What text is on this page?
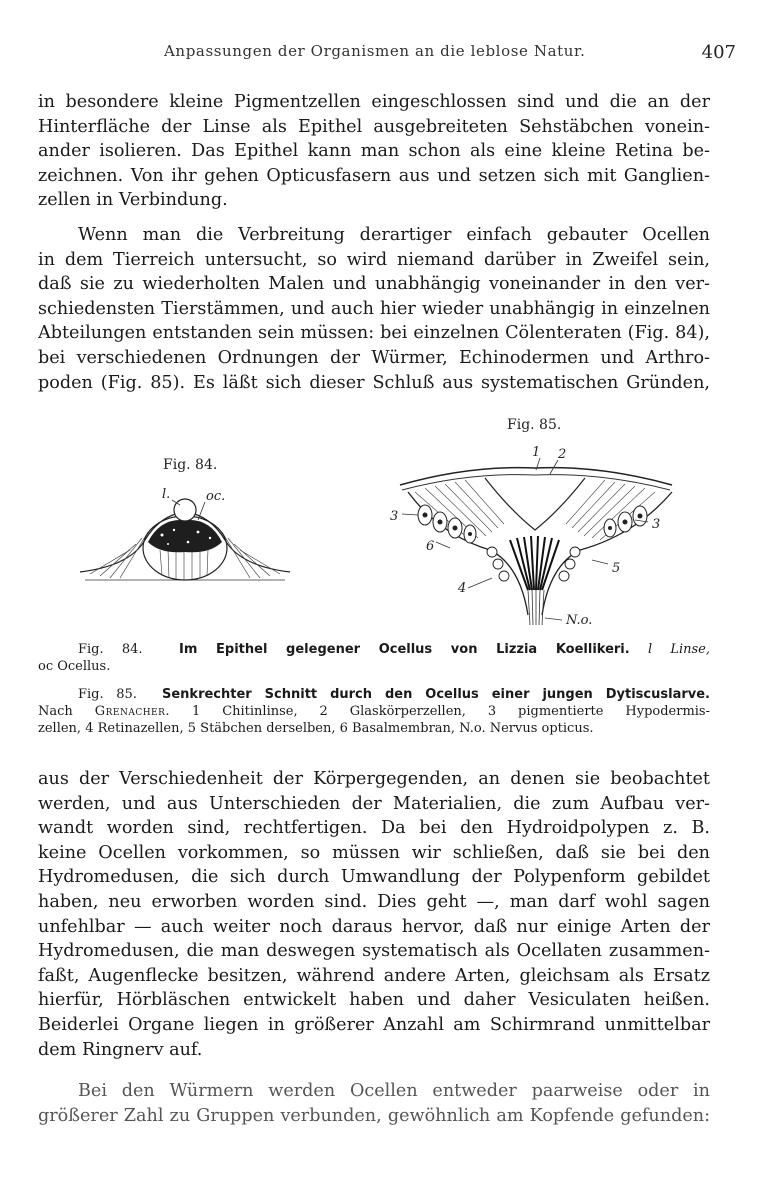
Anpassungen der Organismen an die leblose Natur.	407
in besondere kleine Pigmentzellen eingeschlossen sind und die an der
Hinterfläche der Linse als Epithel ausgebreiteten Sehstäbchen vonein-
ander isolieren. Das Epithel kann man schon als eine kleine Retina be-
zeichnen. Von ihr gehen Opticusfasern aus und setzen sich mit Ganglien-
zellen in Verbindung.
Wenn man die Verbreitung derartiger einfach gebauter Ocellen
in dem Tierreich untersucht, so wird niemand darüber in Zweifel sein,
daß sie zu wiederholten Malen und unabhängig voneinander in den ver-
schiedensten Tierstämmen, und auch hier wieder unabhängig in einzelnen
Abteilungen entstanden sein müssen: bei einzelnen Cölenteraten (Fig. 84),
bei verschiedenen Ordnungen der Würmer, Echinodermen und Arthro-
poden (Fig. 85). Es läßt sich dieser Schluß aus systematischen Gründen,
Fig. 84.
l.	oc.
Fig. 85.
1 2
3
3
6
5
4
N.o.
Fig. 84.	Im Epithel gelegener Ocellus von Lizzia Koellikeri. l Linse,
oc Ocellus.
Fig. 85. Senkrechter Schnitt durch den Ocellus einer jungen Dytiscuslarve.
Nach Grenacher. 1 Chitinlinse, 2 Glaskörperzellen, 3 pigmentierte Hypodermis-
zellen, 4 Retinazellen, 5 Stäbchen derselben, 6 Basalmembran, N.o. Nervus opticus.
aus der Verschiedenheit der Körpergegenden, an denen sie beobachtet
werden, und aus Unterschieden der Materialien, die zum Aufbau ver-
wandt worden sind, rechtfertigen. Da bei den Hydroidpolypen z. B.
keine Ocellen vorkommen, so müssen wir schließen, daß sie bei den
Hydromedusen, die sich durch Umwandlung der Polypenform gebildet
haben, neu erworben worden sind. Dies geht —, man darf wohl sagen
unfehlbar — auch weiter noch daraus hervor, daß nur einige Arten der
Hydromedusen, die man deswegen systematisch als Ocellaten zusammen-
faßt, Augenflecke besitzen, während andere Arten, gleichsam als Ersatz
hierfür, Hörbläschen entwickelt haben und daher Vesiculaten heißen.
Beiderlei Organe liegen in größerer Anzahl am Schirmrand unmittelbar
dem Ringnerv auf.
Bei den Würmern werden Ocellen entweder paarweise oder in
größerer Zahl zu Gruppen verbunden, gewöhnlich am Kopfende gefunden:
